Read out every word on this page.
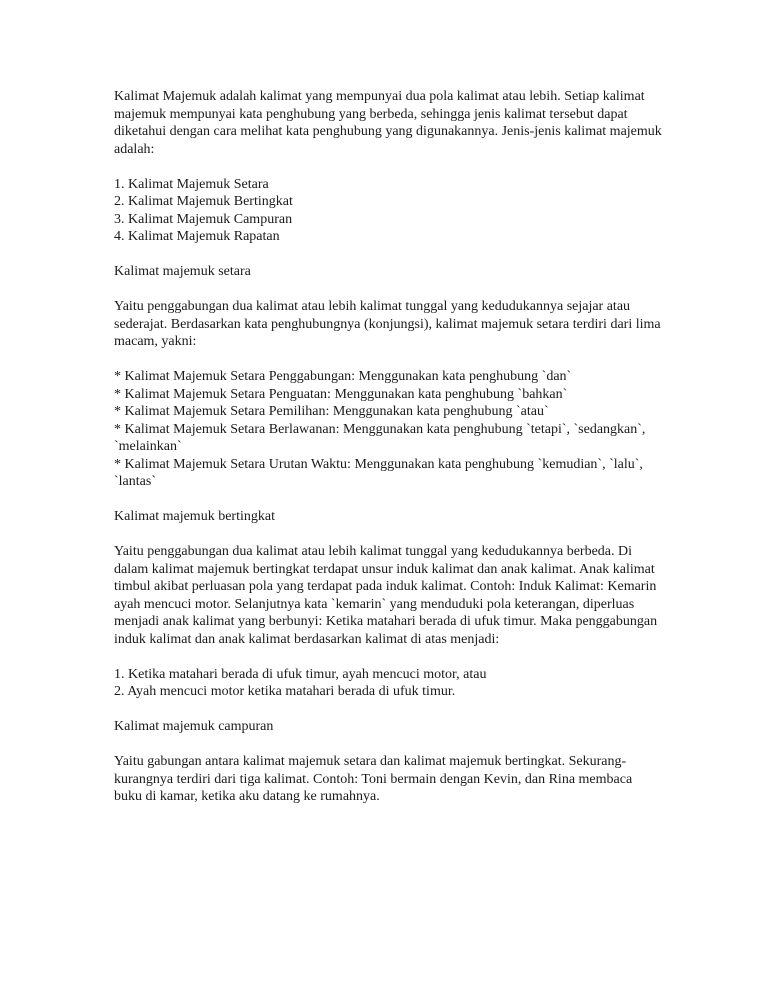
Kalimat Majemuk adalah kalimat yang mempunyai dua pola kalimat atau lebih. Setiap kalimat majemuk mempunyai kata penghubung yang berbeda, sehingga jenis kalimat tersebut dapat diketahui dengan cara melihat kata penghubung yang digunakannya. Jenis-jenis kalimat majemuk adalah:

1. Kalimat Majemuk Setara
2. Kalimat Majemuk Bertingkat
3. Kalimat Majemuk Campuran
4. Kalimat Majemuk Rapatan

Kalimat majemuk setara

Yaitu penggabungan dua kalimat atau lebih kalimat tunggal yang kedudukannya sejajar atau sederajat. Berdasarkan kata penghubungnya (konjungsi), kalimat majemuk setara terdiri dari lima macam, yakni:

* Kalimat Majemuk Setara Penggabungan: Menggunakan kata penghubung `dan`
* Kalimat Majemuk Setara Penguatan: Menggunakan kata penghubung `bahkan`
* Kalimat Majemuk Setara Pemilihan: Menggunakan kata penghubung `atau`
* Kalimat Majemuk Setara Berlawanan: Menggunakan kata penghubung `tetapi`, `sedangkan`, `melainkan`
* Kalimat Majemuk Setara Urutan Waktu: Menggunakan kata penghubung `kemudian`, `lalu`, `lantas`

Kalimat majemuk bertingkat

Yaitu penggabungan dua kalimat atau lebih kalimat tunggal yang kedudukannya berbeda. Di dalam kalimat majemuk bertingkat terdapat unsur induk kalimat dan anak kalimat. Anak kalimat timbul akibat perluasan pola yang terdapat pada induk kalimat. Contoh: Induk Kalimat: Kemarin ayah mencuci motor. Selanjutnya kata `kemarin` yang menduduki pola keterangan, diperluas menjadi anak kalimat yang berbunyi: Ketika matahari berada di ufuk timur. Maka penggabungan induk kalimat dan anak kalimat berdasarkan kalimat di atas menjadi:

1. Ketika matahari berada di ufuk timur, ayah mencuci motor, atau
2. Ayah mencuci motor ketika matahari berada di ufuk timur.

Kalimat majemuk campuran

Yaitu gabungan antara kalimat majemuk setara dan kalimat majemuk bertingkat. Sekurang-kurangnya terdiri dari tiga kalimat. Contoh: Toni bermain dengan Kevin, dan Rina membaca buku di kamar, ketika aku datang ke rumahnya.
